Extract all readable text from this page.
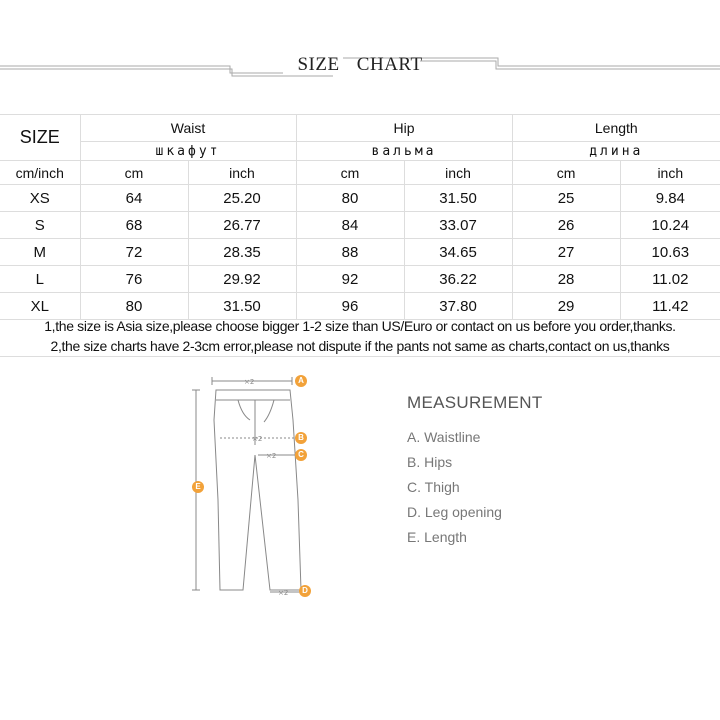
SIZE CHART
SIZE	Waist		Hip		Length	
	шкафут		вальма		длина	
cm/inch	cm	inch	cm	inch	cm	inch
XS	64	25.20	80	31.50	25	9.84
S	68	26.77	84	33.07	26	10.24
M	72	28.35	88	34.65	27	10.63
L	76	29.92	92	36.22	28	11.02
XL	80	31.50	96	37.80	29	11.42

1,the size is Asia size,please choose bigger 1-2 size than US/Euro or contact on us before you order,thanks.

2,the size charts have 2-3cm error,please not dispute if the pants not same as charts,contact on us,thanks

×2
×2
×2
×2
A
B
C
D
E
MEASUREMENT
A. Waistline
B. Hips
C. Thigh
D. Leg opening
E. Length
